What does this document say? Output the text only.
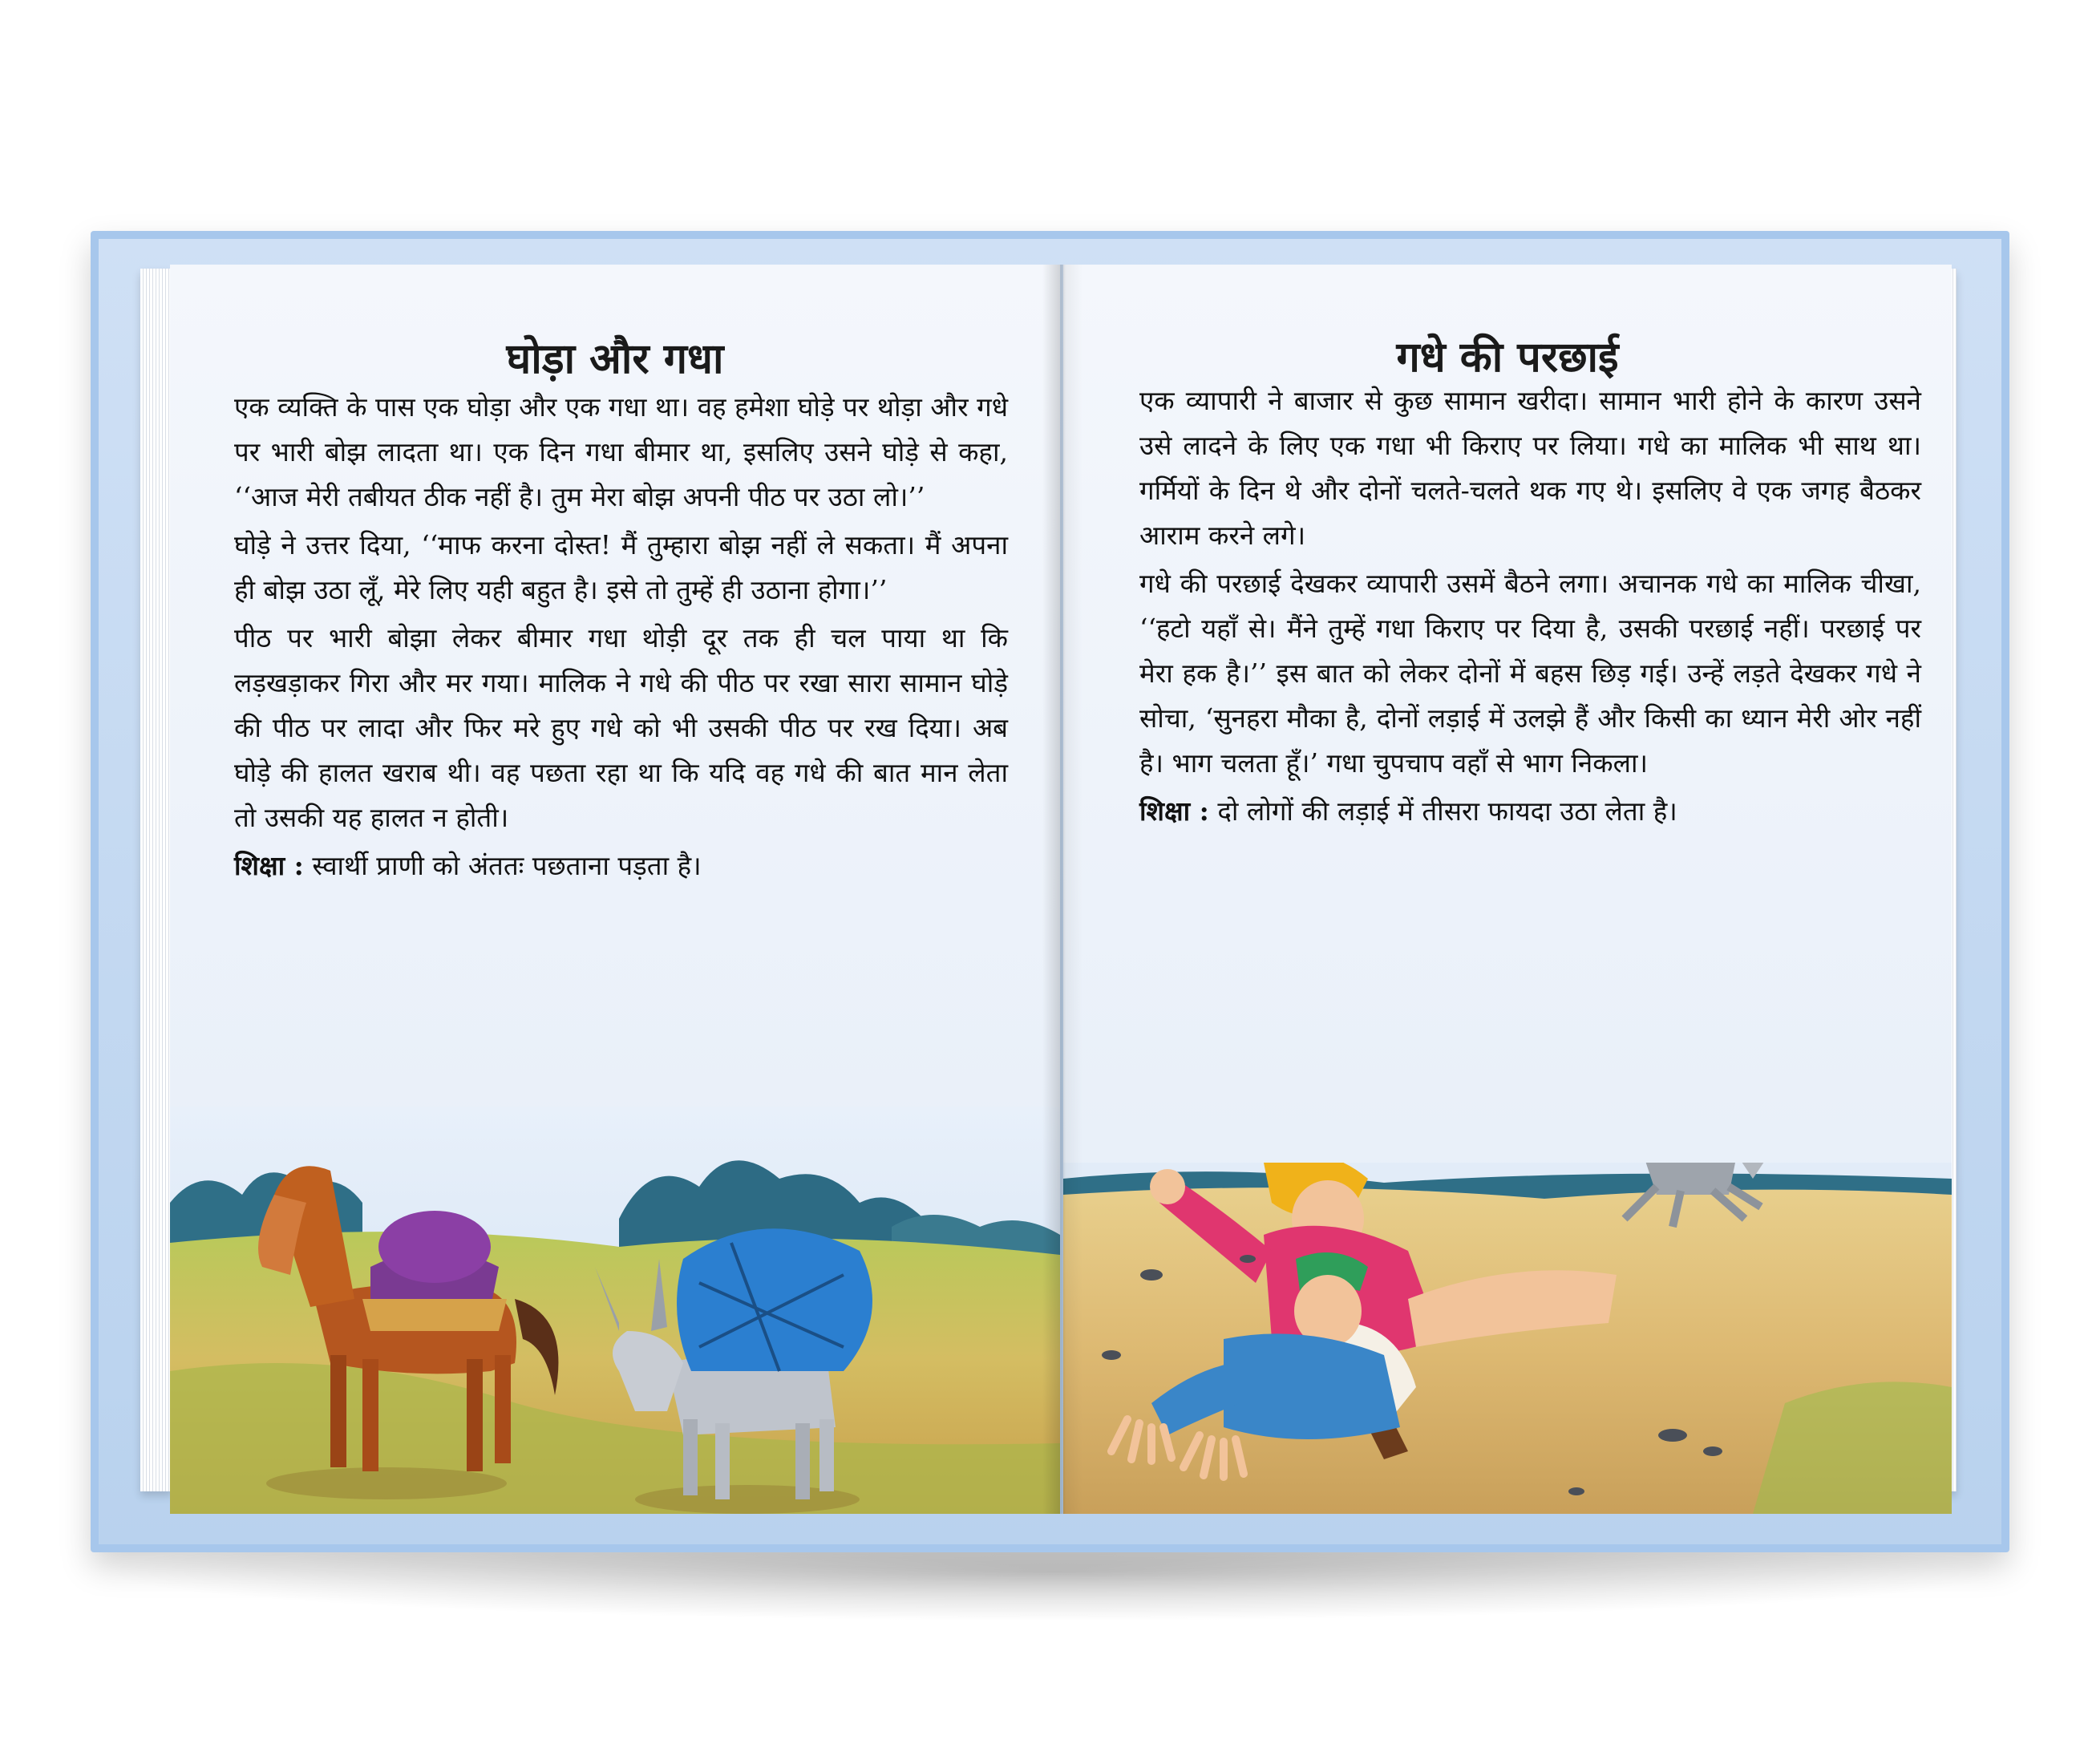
घोड़ा और गधा

एक व्यक्ति के पास एक घोड़ा और एक गधा था। वह हमेशा घोड़े पर थोड़ा और गधे पर भारी बोझ लादता था। एक दिन गधा बीमार था, इसलिए उसने घोड़े से कहा, ‘‘आज मेरी तबीयत ठीक नहीं है। तुम मेरा बोझ अपनी पीठ पर उठा लो।’’

घोड़े ने उत्तर दिया, ‘‘माफ करना दोस्त! मैं तुम्हारा बोझ नहीं ले सकता। मैं अपना ही बोझ उठा लूँ, मेरे लिए यही बहुत है। इसे तो तुम्हें ही उठाना होगा।’’

पीठ पर भारी बोझा लेकर बीमार गधा थोड़ी दूर तक ही चल पाया था कि लड़खड़ाकर गिरा और मर गया। मालिक ने गधे की पीठ पर रखा सारा सामान घोड़े की पीठ पर लादा और फिर मरे हुए गधे को भी उसकी पीठ पर रख दिया। अब घोड़े की हालत खराब थी। वह पछता रहा था कि यदि वह गधे की बात मान लेता तो उसकी यह हालत न होती।

शिक्षा : स्वार्थी प्राणी को अंततः पछताना पड़ता है।

गधे की परछाई

एक व्यापारी ने बाजार से कुछ सामान खरीदा। सामान भारी होने के कारण उसने उसे लादने के लिए एक गधा भी किराए पर लिया। गधे का मालिक भी साथ था। गर्मियों के दिन थे और दोनों चलते-चलते थक गए थे। इसलिए वे एक जगह बैठकर आराम करने लगे।

गधे की परछाई देखकर व्यापारी उसमें बैठने लगा। अचानक गधे का मालिक चीखा, ‘‘हटो यहाँ से। मैंने तुम्हें गधा किराए पर दिया है, उसकी परछाई नहीं। परछाई पर मेरा हक है।’’ इस बात को लेकर दोनों में बहस छिड़ गई। उन्हें लड़ते देखकर गधे ने सोचा, ‘सुनहरा मौका है, दोनों लड़ाई में उलझे हैं और किसी का ध्यान मेरी ओर नहीं है। भाग चलता हूँ।’ गधा चुपचाप वहाँ से भाग निकला।

शिक्षा : दो लोगों की लड़ाई में तीसरा फायदा उठा लेता है।
